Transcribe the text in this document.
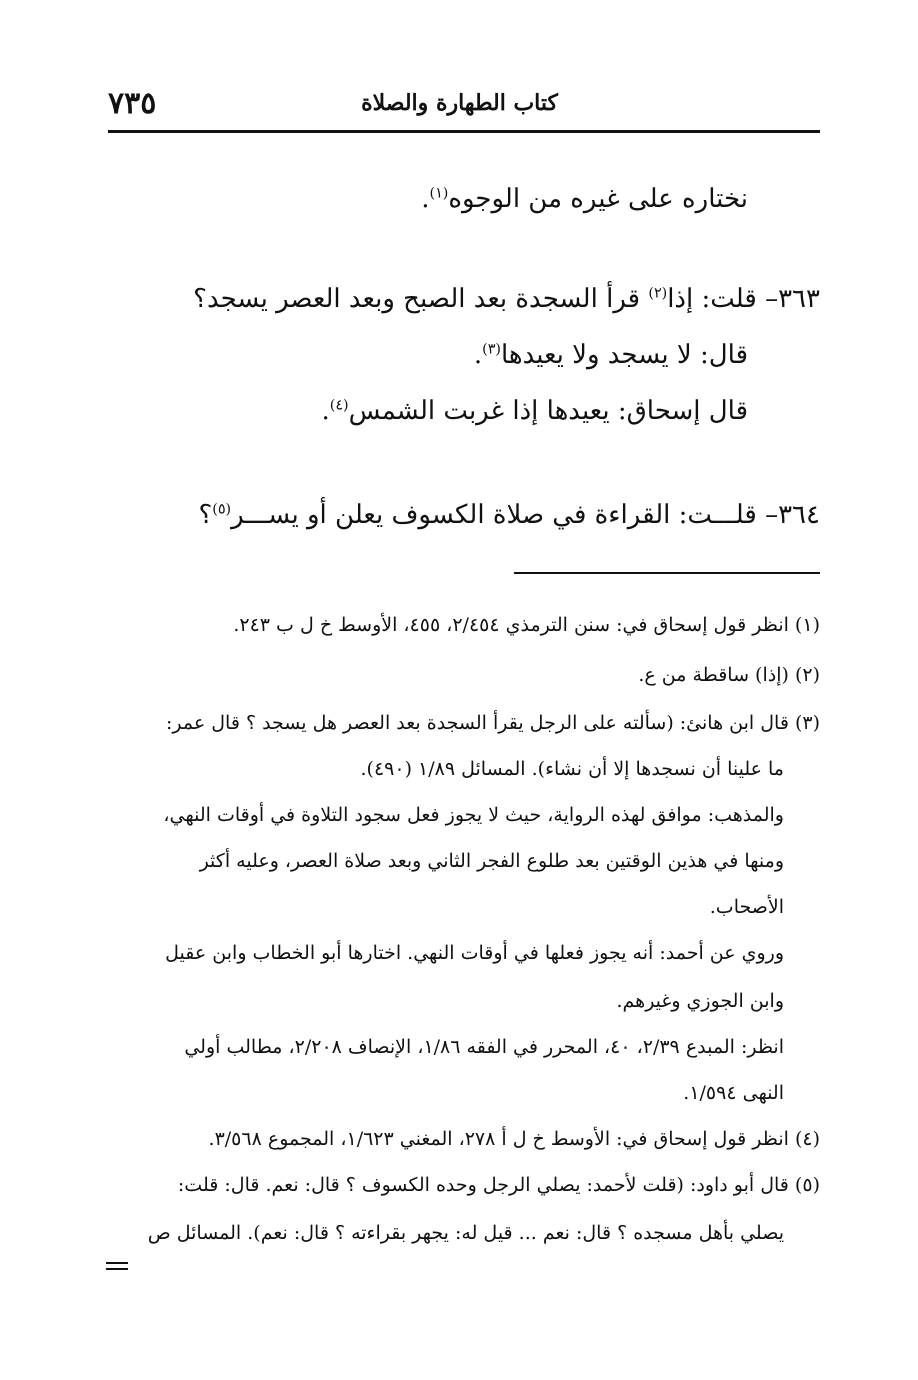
٧٣٥	كتاب الطهارة والصلاة
نختاره على غيره من الوجوه$^{(١)}$.
٣٦٣– قلت: إذا$^{(٢)}$ قرأ السجدة بعد الصبح وبعد العصر يسجد؟
قال: لا يسجد ولا يعيدها$^{(٣)}$.
قال إسحاق: يعيدها إذا غربت الشمس$^{(٤)}$.
٣٦٤– قلـــت: القراءة في صلاة الكسوف يعلن أو يســـر$^{(٥)}$؟
(١) انظر قول إسحاق في: سنن الترمذي ٢/٤٥٤، ٤٥٥، الأوسط خ ل ب ٢٤٣.
(٢) (إذا) ساقطة من ع.
(٣) قال ابن هانئ: (سألته على الرجل يقرأ السجدة بعد العصر هل يسجد ؟ قال عمر:
ما علينا أن نسجدها إلا أن نشاء). المسائل ١/٨٩ (٤٩٠).
والمذهب: موافق لهذه الرواية، حيث لا يجوز فعل سجود التلاوة في أوقات النهي،
ومنها في هذين الوقتين بعد طلوع الفجر الثاني وبعد صلاة العصر، وعليه أكثر
الأصحاب.
وروي عن أحمد: أنه يجوز فعلها في أوقات النهي. اختارها أبو الخطاب وابن عقيل
وابن الجوزي وغيرهم.
انظر: المبدع ٢/٣٩، ٤٠، المحرر في الفقه ١/٨٦، الإنصاف ٢/٢٠٨، مطالب أولي
النهى ١/٥٩٤.
(٤) انظر قول إسحاق في: الأوسط خ ل أ ٢٧٨، المغني ١/٦٢٣، المجموع ٣/٥٦٨.
(٥) قال أبو داود: (قلت لأحمد: يصلي الرجل وحده الكسوف ؟ قال: نعم. قال: قلت:
يصلي بأهل مسجده ؟ قال: نعم ... قيل له: يجهر بقراءته ؟ قال: نعم). المسائل ص
